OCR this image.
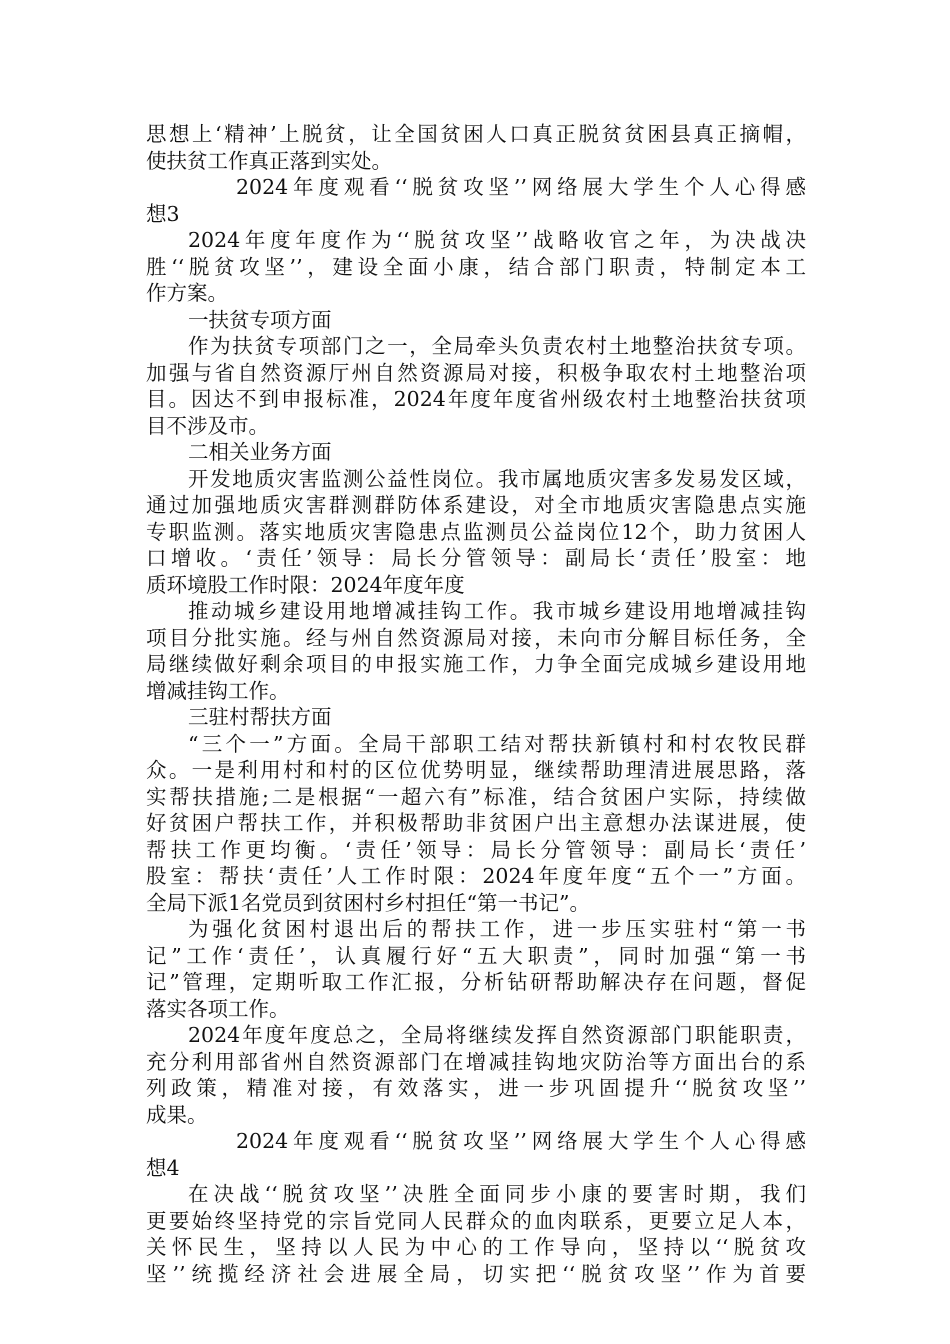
思想上‘精神’上脱贫，让全国贫困人口真正脱贫贫困县真正摘帽，
使扶贫工作真正落到实处。
2024年度观看‘‘脱贫攻坚’’网络展大学生个人心得感
想3
2024年度年度作为‘‘脱贫攻坚’’战略收官之年，为决战决
胜‘‘脱贫攻坚’’，建设全面小康，结合部门职责，特制定本工
作方案。
一扶贫专项方面
作为扶贫专项部门之一，全局牵头负责农村土地整治扶贫专项。
加强与省自然资源厅州自然资源局对接，积极争取农村土地整治项
目。因达不到申报标准，2024年度年度省州级农村土地整治扶贫项
目不涉及市。
二相关业务方面
开发地质灾害监测公益性岗位。我市属地质灾害多发易发区域，
通过加强地质灾害群测群防体系建设，对全市地质灾害隐患点实施
专职监测。落实地质灾害隐患点监测员公益岗位12个，助力贫困人
口增收。‘责任’领导：局长分管领导：副局长‘责任’股室：地
质环境股工作时限：2024年度年度
推动城乡建设用地增减挂钩工作。我市城乡建设用地增减挂钩
项目分批实施。经与州自然资源局对接，未向市分解目标任务，全
局继续做好剩余项目的申报实施工作，力争全面完成城乡建设用地
增减挂钩工作。
三驻村帮扶方面
“三个一”方面。全局干部职工结对帮扶新镇村和村农牧民群
众。一是利用村和村的区位优势明显，继续帮助理清进展思路，落
实帮扶措施;二是根据“一超六有”标准，结合贫困户实际，持续做
好贫困户帮扶工作，并积极帮助非贫困户出主意想办法谋进展，使
帮扶工作更均衡。‘责任’领导：局长分管领导：副局长‘责任’
股室：帮扶‘责任’人工作时限：2024年度年度“五个一”方面。
全局下派1名党员到贫困村乡村担任“第一书记”。
为强化贫困村退出后的帮扶工作，进一步压实驻村“第一书
记”工作‘责任’，认真履行好“五大职责”，同时加强“第一书
记”管理，定期听取工作汇报，分析钻研帮助解决存在问题，督促
落实各项工作。
2024年度年度总之，全局将继续发挥自然资源部门职能职责，
充分利用部省州自然资源部门在增减挂钩地灾防治等方面出台的系
列政策，精准对接，有效落实，进一步巩固提升‘‘脱贫攻坚’’
成果。
2024年度观看‘‘脱贫攻坚’’网络展大学生个人心得感
想4
在决战‘‘脱贫攻坚’’决胜全面同步小康的要害时期，我们
更要始终坚持党的宗旨党同人民群众的血肉联系，更要立足人本，
关怀民生，坚持以人民为中心的工作导向，坚持以‘‘脱贫攻
坚’’统揽经济社会进展全局，切实把‘‘脱贫攻坚’’作为首要
